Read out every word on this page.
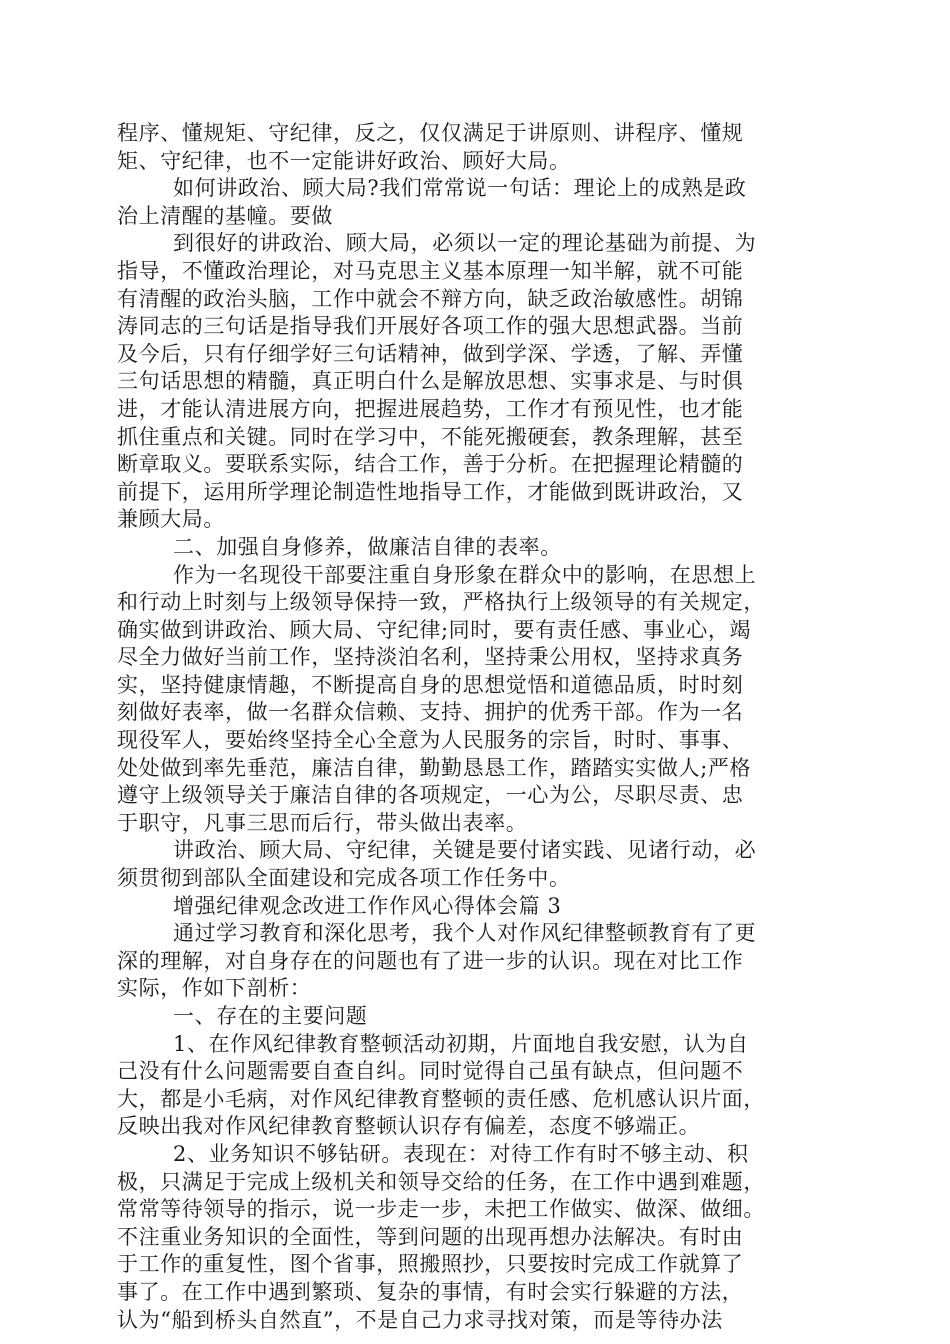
程序、懂规矩、守纪律，反之，仅仅满足于讲原则、讲程序、懂规
矩、守纪律，也不一定能讲好政治、顾好大局。
如何讲政治、顾大局?我们常常说一句话：理论上的成熟是政
治上清醒的基幢。要做
到很好的讲政治、顾大局，必须以一定的理论基础为前提、为
指导，不懂政治理论，对马克思主义基本原理一知半解，就不可能
有清醒的政治头脑，工作中就会不辩方向，缺乏政治敏感性。胡锦
涛同志的三句话是指导我们开展好各项工作的强大思想武器。当前
及今后，只有仔细学好三句话精神，做到学深、学透，了解、弄懂
三句话思想的精髓，真正明白什么是解放思想、实事求是、与时俱
进，才能认清进展方向，把握进展趋势，工作才有预见性，也才能
抓住重点和关键。同时在学习中，不能死搬硬套，教条理解，甚至
断章取义。要联系实际，结合工作，善于分析。在把握理论精髓的
前提下，运用所学理论制造性地指导工作，才能做到既讲政治，又
兼顾大局。
二、加强自身修养，做廉洁自律的表率。
作为一名现役干部要注重自身形象在群众中的影响，在思想上
和行动上时刻与上级领导保持一致，严格执行上级领导的有关规定，
确实做到讲政治、顾大局、守纪律;同时，要有责任感、事业心，竭
尽全力做好当前工作，坚持淡泊名利，坚持秉公用权，坚持求真务
实，坚持健康情趣，不断提高自身的思想觉悟和道德品质，时时刻
刻做好表率，做一名群众信赖、支持、拥护的优秀干部。作为一名
现役军人，要始终坚持全心全意为人民服务的宗旨，时时、事事、
处处做到率先垂范，廉洁自律，勤勤恳恳工作，踏踏实实做人;严格
遵守上级领导关于廉洁自律的各项规定，一心为公，尽职尽责、忠
于职守，凡事三思而后行，带头做出表率。
讲政治、顾大局、守纪律，关键是要付诸实践、见诸行动，必
须贯彻到部队全面建设和完成各项工作任务中。
增强纪律观念改进工作作风心得体会篇 3
通过学习教育和深化思考，我个人对作风纪律整顿教育有了更
深的理解，对自身存在的问题也有了进一步的认识。现在对比工作
实际，作如下剖析：
一、存在的主要问题
1、在作风纪律教育整顿活动初期，片面地自我安慰，认为自
己没有什么问题需要自查自纠。同时觉得自己虽有缺点，但问题不
大，都是小毛病，对作风纪律教育整顿的责任感、危机感认识片面，
反映出我对作风纪律教育整顿认识存有偏差，态度不够端正。
2、业务知识不够钻研。表现在：对待工作有时不够主动、积
极，只满足于完成上级机关和领导交给的任务，在工作中遇到难题，
常常等待领导的指示，说一步走一步，未把工作做实、做深、做细。
不注重业务知识的全面性，等到问题的出现再想办法解决。有时由
于工作的重复性，图个省事，照搬照抄，只要按时完成工作就算了
事了。在工作中遇到繁琐、复杂的事情，有时会实行躲避的方法，
认为“船到桥头自然直”，不是自己力求寻找对策，而是等待办法
